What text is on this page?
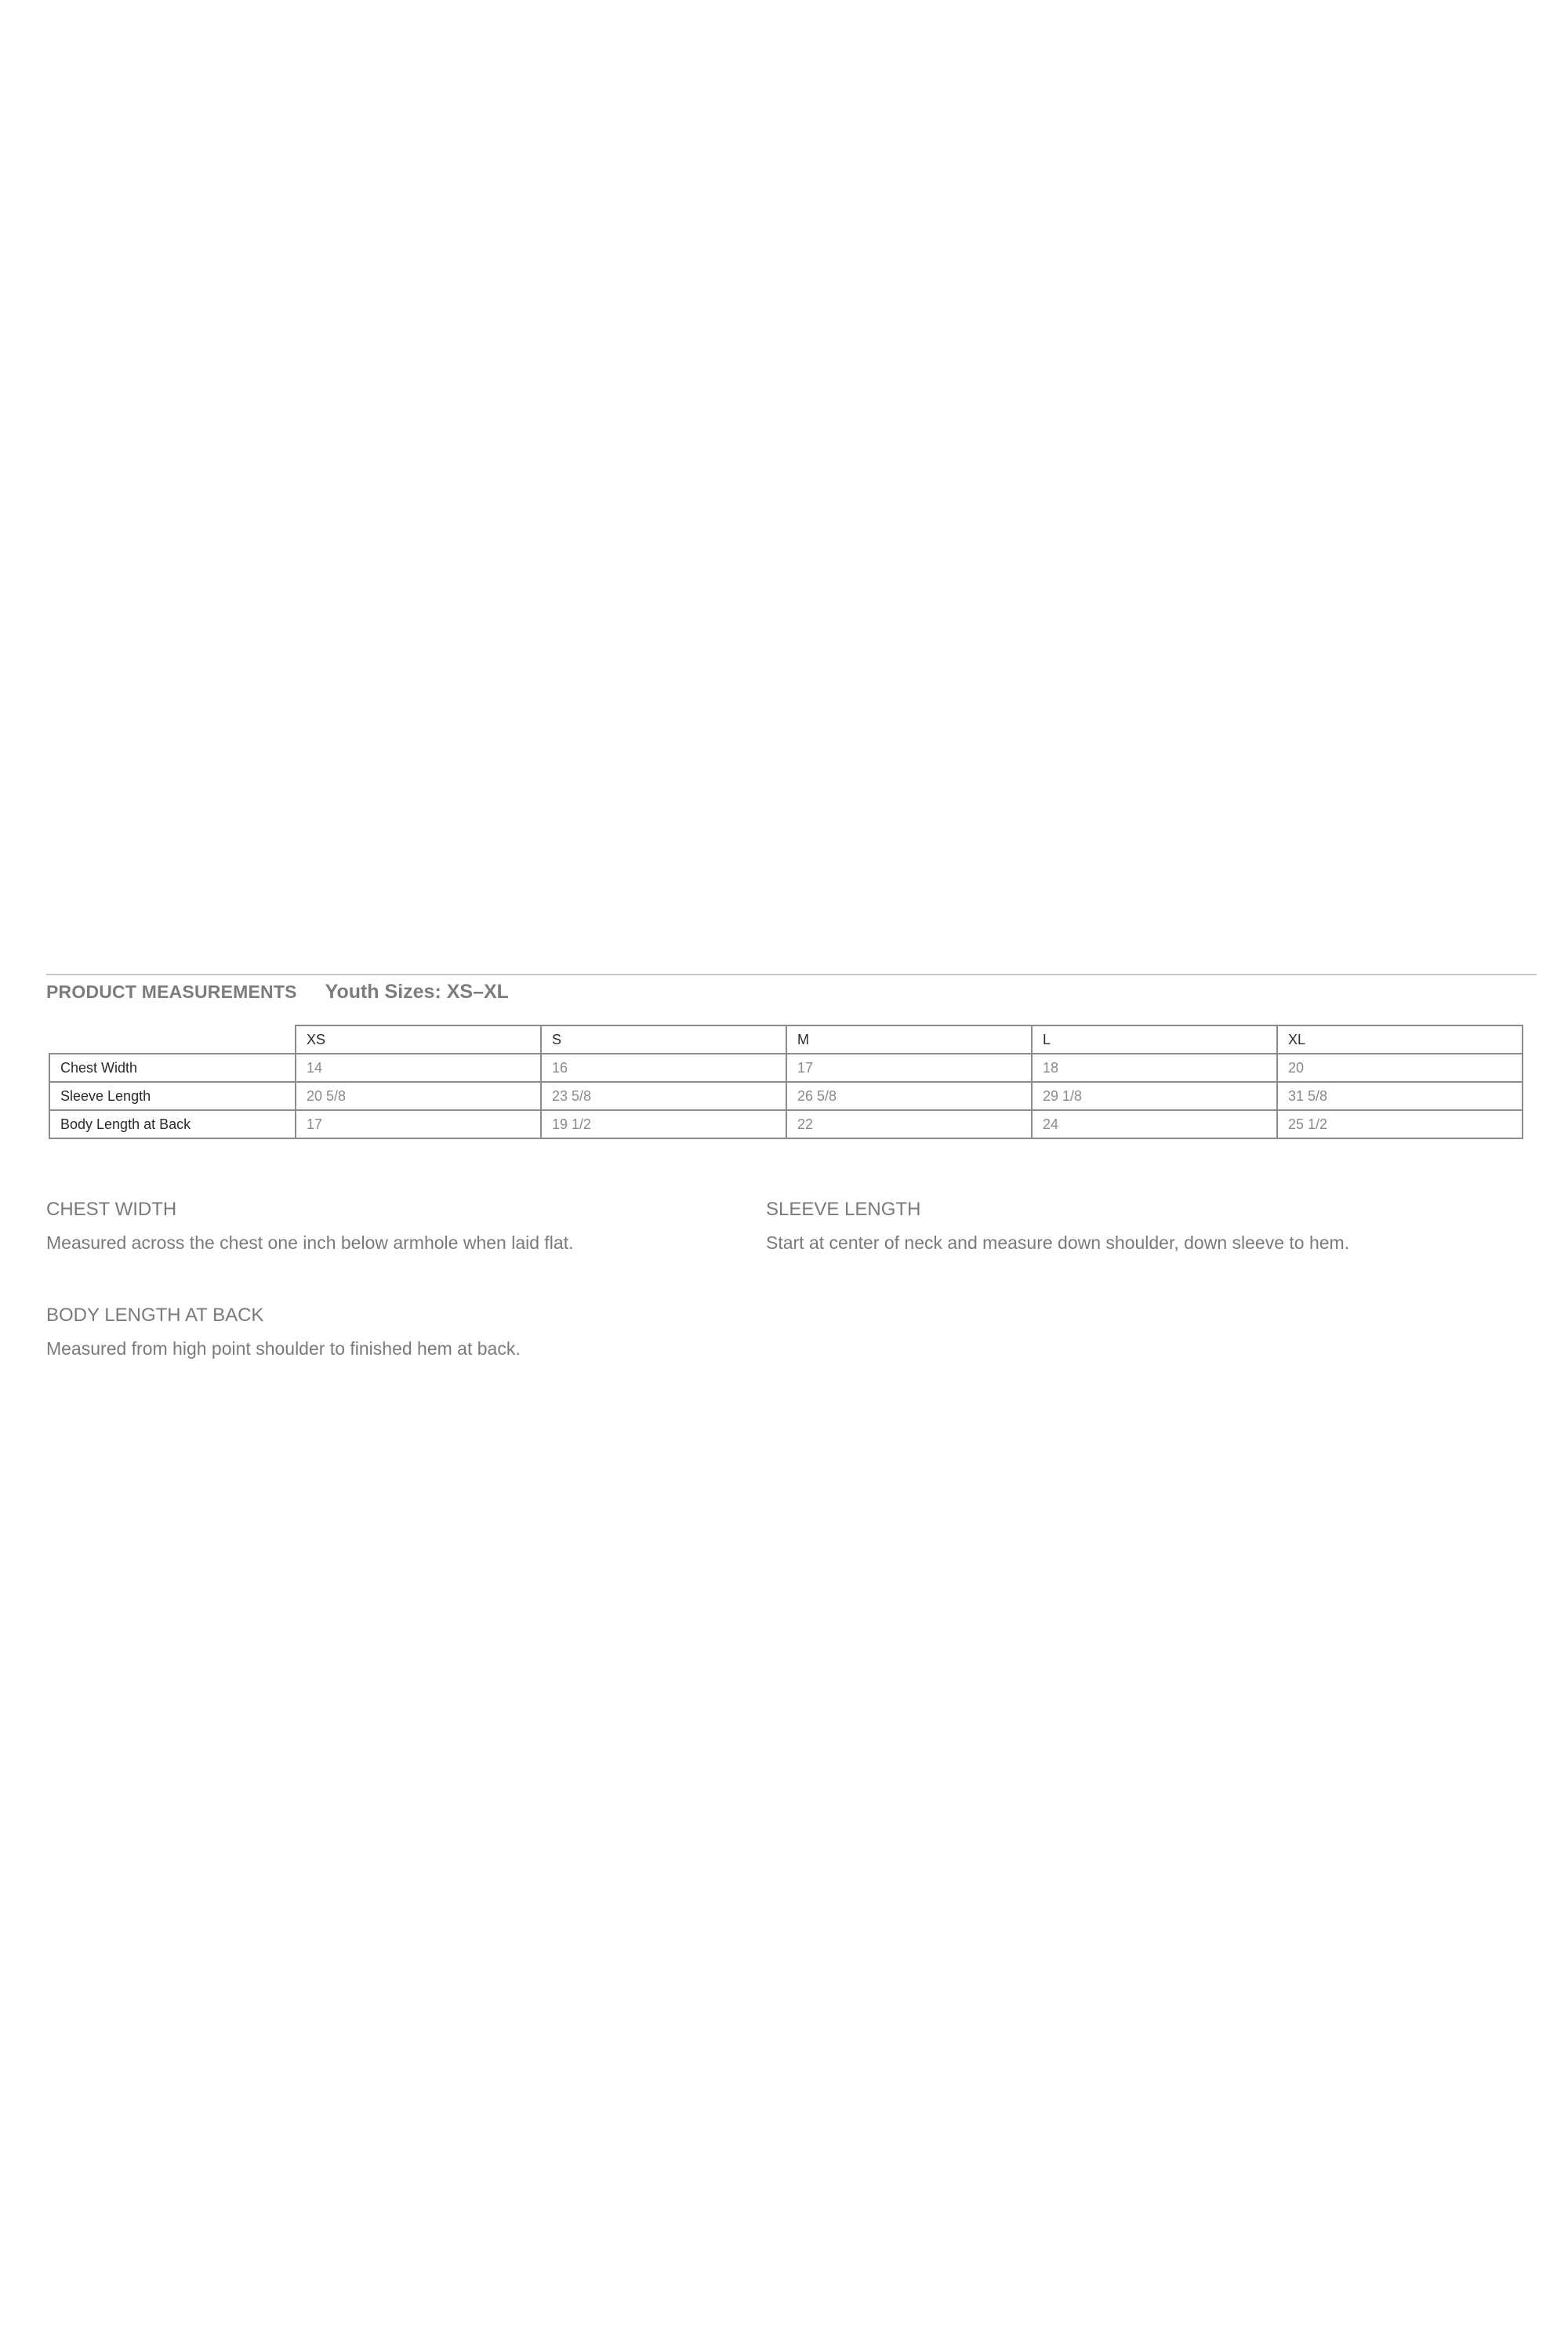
PRODUCT MEASUREMENTS Youth Sizes: XS–XL
	XS	S	M	L	XL
Chest Width	14	16	17	18	20
Sleeve Length	20 5/8	23 5/8	26 5/8	29 1/8	31 5/8
Body Length at Back	17	19 1/2	22	24	25 1/2
CHEST WIDTH
Measured across the chest one inch below armhole when laid flat.
SLEEVE LENGTH
Start at center of neck and measure down shoulder, down sleeve to hem.
BODY LENGTH AT BACK
Measured from high point shoulder to finished hem at back.
